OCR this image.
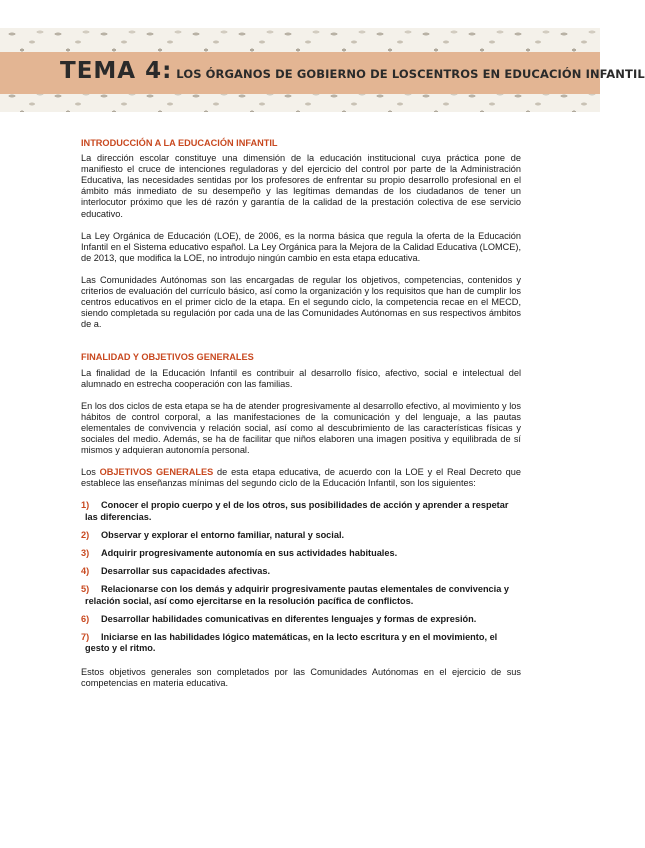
TEMA 4: LOS ÓRGANOS DE GOBIERNO DE LOSCENTROS EN EDUCACIÓN INFANTIL
INTRODUCCIÓN A LA EDUCACIÓN INFANTIL

La dirección escolar constituye una dimensión de la educación institucional cuya práctica pone de manifiesto el cruce de intenciones reguladoras y del ejercicio del control por parte de la Administración Educativa, las necesidades sentidas por los profesores de enfrentar su propio desarrollo profesional en el ámbito más inmediato de su desempeño y las legítimas demandas de los ciudadanos de tener un interlocutor próximo que les dé razón y garantía de la calidad de la prestación colectiva de ese servicio educativo.

La Ley Orgánica de Educación (LOE), de 2006, es la norma básica que regula la oferta de la Educación Infantil en el Sistema educativo español. La Ley Orgánica para la Mejora de la Calidad Educativa (LOMCE), de 2013, que modifica la LOE, no introdujo ningún cambio en esta etapa educativa.

Las Comunidades Autónomas son las encargadas de regular los objetivos, competencias, contenidos y criterios de evaluación del currículo básico, así como la organización y los requisitos que han de cumplir los centros educativos en el primer ciclo de la etapa. En el segundo ciclo, la competencia recae en el MECD, siendo completada su regulación por cada una de las Comunidades Autónomas en sus respectivos ámbitos de a.

FINALIDAD Y OBJETIVOS GENERALES

La finalidad de la Educación Infantil es contribuir al desarrollo físico, afectivo, social e intelectual del alumnado en estrecha cooperación con las familias.

En los dos ciclos de esta etapa se ha de atender progresivamente al desarrollo efectivo, al movimiento y los hábitos de control corporal, a las manifestaciones de la comunicación y del lenguaje, a las pautas elementales de convivencia y relación social, así como al descubrimiento de las características físicas y sociales del medio. Además, se ha de facilitar que niños elaboren una imagen positiva y equilibrada de sí mismos y adquieran autonomía personal.

Los OBJETIVOS GENERALES de esta etapa educativa, de acuerdo con la LOE y el Real Decreto que establece las enseñanzas mínimas del segundo ciclo de la Educación Infantil, son los siguientes:

1) Conocer el propio cuerpo y el de los otros, sus posibilidades de acción y aprender a respetar las diferencias.
2) Observar y explorar el entorno familiar, natural y social.
3) Adquirir progresivamente autonomía en sus actividades habituales.
4) Desarrollar sus capacidades afectivas.
5) Relacionarse con los demás y adquirir progresivamente pautas elementales de convivencia y relación social, así como ejercitarse en la resolución pacífica de conflictos.
6) Desarrollar habilidades comunicativas en diferentes lenguajes y formas de expresión.
7) Iniciarse en las habilidades lógico matemáticas, en la lecto escritura y en el movimiento, el gesto y el ritmo.

Estos objetivos generales son completados por las Comunidades Autónomas en el ejercicio de sus competencias en materia educativa.
